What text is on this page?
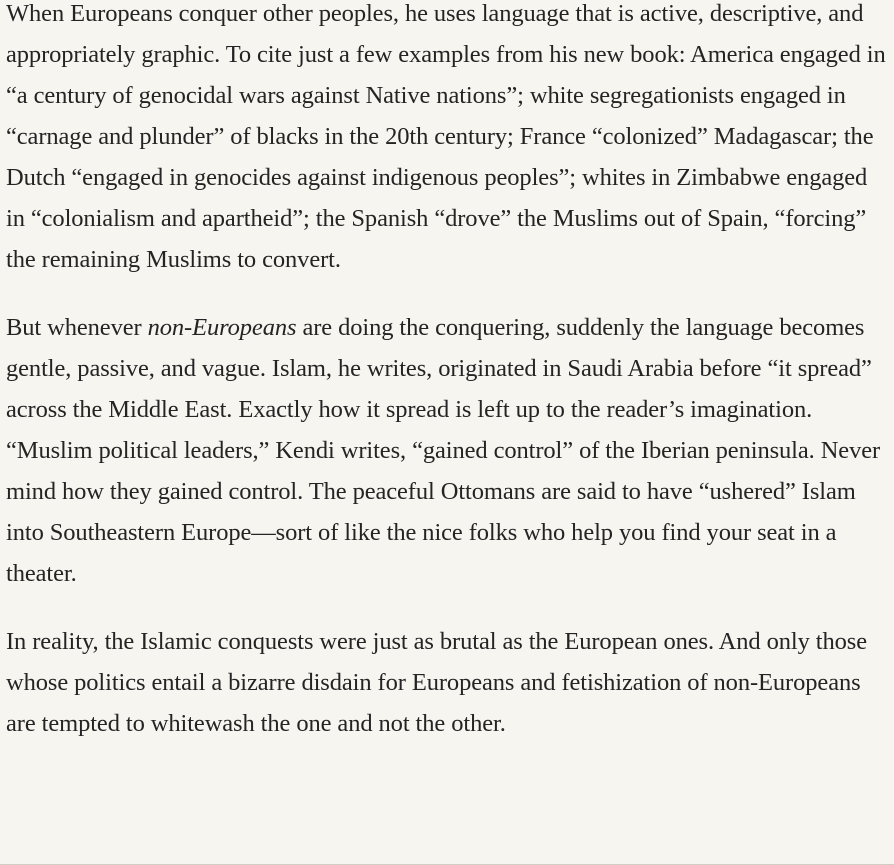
When Europeans conquer other peoples, he uses language that is active, descriptive, and appropriately graphic. To cite just a few examples from his new book: America engaged in “a century of genocidal wars against Native nations”; white segregationists engaged in “carnage and plunder” of blacks in the 20th century; France “colonized” Madagascar; the Dutch “engaged in genocides against indigenous peoples”; whites in Zimbabwe engaged in “colonialism and apartheid”; the Spanish “drove” the Muslims out of Spain, “forcing” the remaining Muslims to convert.

But whenever non-Europeans are doing the conquering, suddenly the language becomes gentle, passive, and vague. Islam, he writes, originated in Saudi Arabia before “it spread” across the Middle East. Exactly how it spread is left up to the reader’s imagination. “Muslim political leaders,” Kendi writes, “gained control” of the Iberian peninsula. Never mind how they gained control. The peaceful Ottomans are said to have “ushered” Islam into Southeastern Europe—sort of like the nice folks who help you find your seat in a theater.

In reality, the Islamic conquests were just as brutal as the European ones. And only those whose politics entail a bizarre disdain for Europeans and fetishization of non-Europeans are tempted to whitewash the one and not the other.
